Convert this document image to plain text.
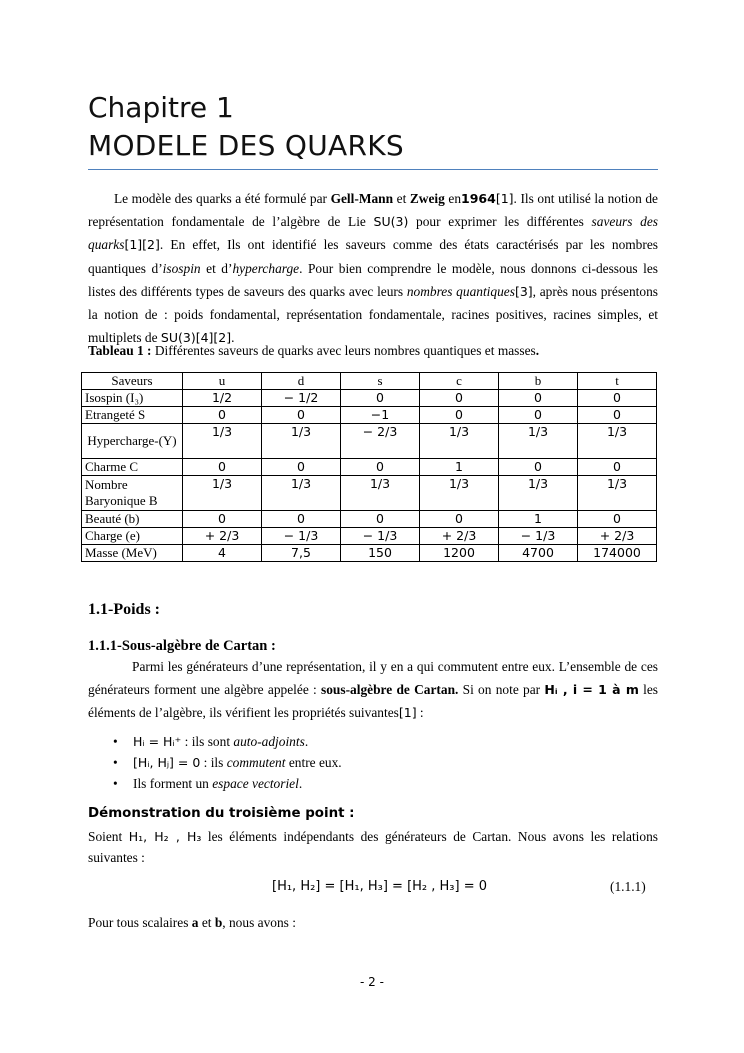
Chapitre 1
MODELE DES QUARKS
Le modèle des quarks a été formulé par Gell-Mann et Zweig en1964[1]. Ils ont utilisé la notion de représentation fondamentale de l’algèbre de Lie SU(3) pour exprimer les différentes saveurs des quarks[1][2]. En effet, Ils ont identifié les saveurs comme des états caractérisés par les nombres quantiques d’isospin et d’hypercharge. Pour bien comprendre le modèle, nous donnons ci-dessous les listes des différents types de saveurs des quarks avec leurs nombres quantiques[3], après nous présentons la notion de : poids fondamental, représentation fondamentale, racines positives, racines simples, et multiplets de SU(3)[4][2].
Tableau 1 : Différentes saveurs de quarks avec leurs nombres quantiques et masses.
Saveurs	u	d	s	c	b	t
Isospin (I₃)	1/2	− 1/2	0	0	0	0
Etrangeté S	0	0	−1	0	0	0
Hypercharge-(Y)	1/3	1/3	− 2/3	1/3	1/3	1/3
Charme C	0	0	0	1	0	0
Nombre Baryonique B	1/3	1/3	1/3	1/3	1/3	1/3
Beauté (b)	0	0	0	0	1	0
Charge (e)	+ 2/3	− 1/3	− 1/3	+ 2/3	− 1/3	+ 2/3
Masse (MeV)	4	7,5	150	1200	4700	174000
1.1-Poids :
1.1.1-Sous-algèbre de Cartan :
Parmi les générateurs d’une représentation, il y en a qui commutent entre eux. L’ensemble de ces générateurs forment une algèbre appelée : sous-algèbre de Cartan. Si on note par Hᵢ , i = 1 à m les éléments de l’algèbre, ils vérifient les propriétés suivantes[1] :
• Hᵢ = Hᵢ⁺ : ils sont auto-adjoints.
• [Hᵢ, Hⱼ] = 0 : ils commutent entre eux.
• Ils forment un espace vectoriel.
Démonstration du troisième point :
Soient H₁, H₂ , H₃ les éléments indépendants des générateurs de Cartan. Nous avons les relations suivantes :
[H₁, H₂] = [H₁, H₃] = [H₂ , H₃] = 0	(1.1.1)
Pour tous scalaires a et b, nous avons :
- 2 -
